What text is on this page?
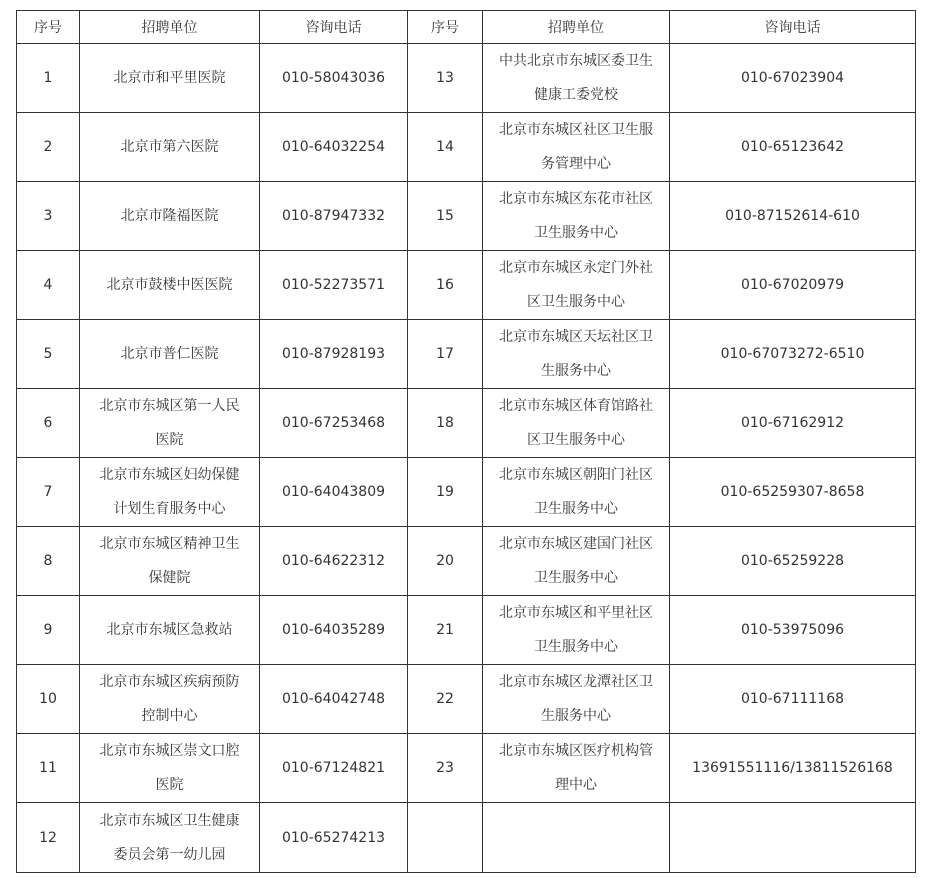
序号	招聘单位	咨询电话	序号	招聘单位	咨询电话
1	北京市和平里医院	010-58043036	13	中共北京市东城区委卫生健康工委党校	010-67023904
2	北京市第六医院	010-64032254	14	北京市东城区社区卫生服务管理中心	010-65123642
3	北京市隆福医院	010-87947332	15	北京市东城区东花市社区卫生服务中心	010-87152614-610
4	北京市鼓楼中医医院	010-52273571	16	北京市东城区永定门外社区卫生服务中心	010-67020979
5	北京市普仁医院	010-87928193	17	北京市东城区天坛社区卫生服务中心	010-67073272-6510
6	北京市东城区第一人民医院	010-67253468	18	北京市东城区体育馆路社区卫生服务中心	010-67162912
7	北京市东城区妇幼保健计划生育服务中心	010-64043809	19	北京市东城区朝阳门社区卫生服务中心	010-65259307-8658
8	北京市东城区精神卫生保健院	010-64622312	20	北京市东城区建国门社区卫生服务中心	010-65259228
9	北京市东城区急救站	010-64035289	21	北京市东城区和平里社区卫生服务中心	010-53975096
10	北京市东城区疾病预防控制中心	010-64042748	22	北京市东城区龙潭社区卫生服务中心	010-67111168
11	北京市东城区崇文口腔医院	010-67124821	23	北京市东城区医疗机构管理中心	13691551116/13811526168
12	北京市东城区卫生健康委员会第一幼儿园	010-65274213			
